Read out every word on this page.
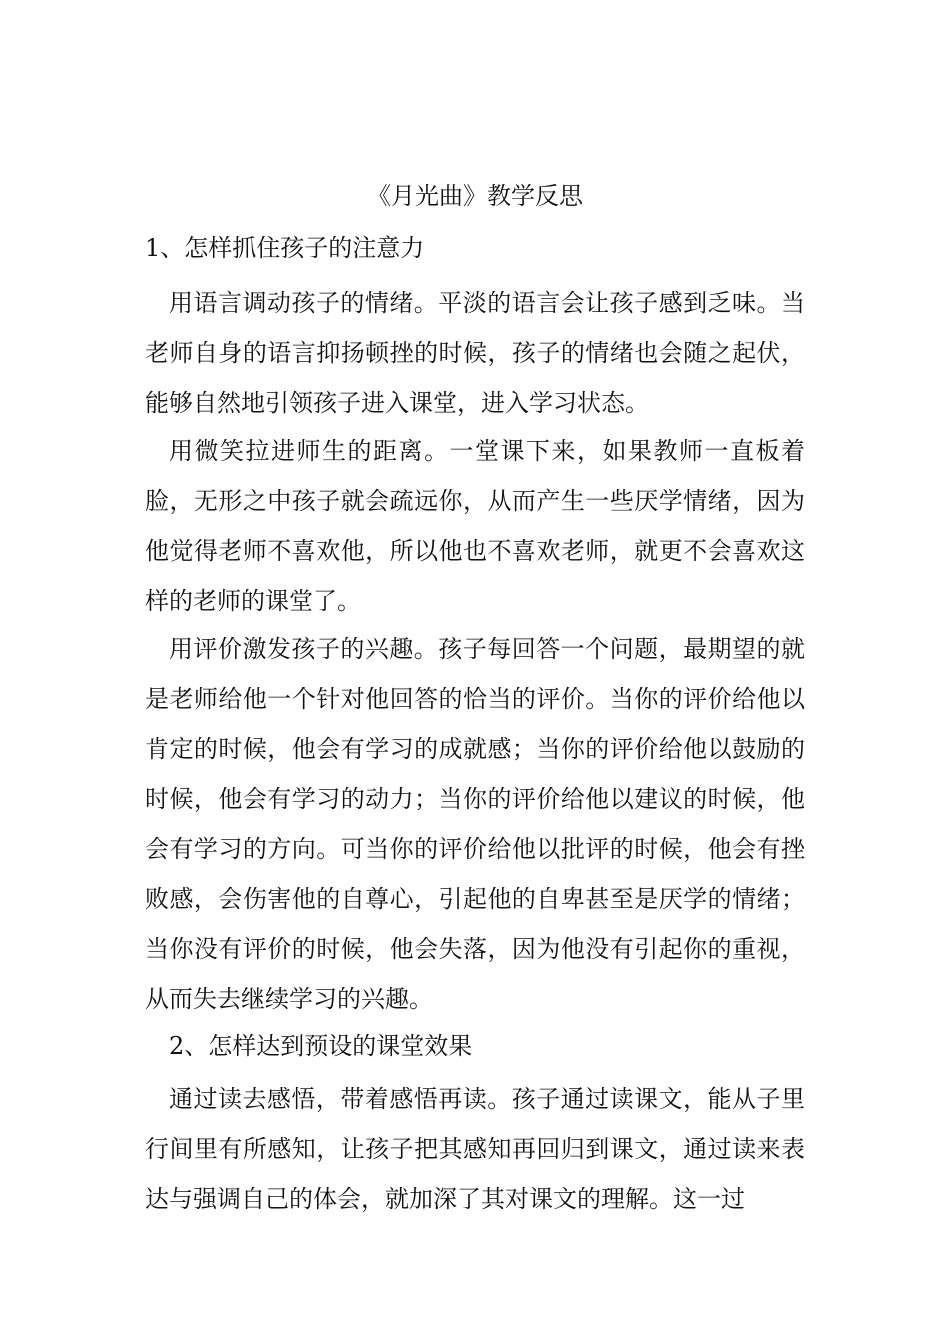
《月光曲》教学反思

1、怎样抓住孩子的注意力

用语言调动孩子的情绪。平淡的语言会让孩子感到乏味。当老师自身的语言抑扬顿挫的时候，孩子的情绪也会随之起伏，能够自然地引领孩子进入课堂，进入学习状态。

用微笑拉进师生的距离。一堂课下来，如果教师一直板着脸，无形之中孩子就会疏远你，从而产生一些厌学情绪，因为他觉得老师不喜欢他，所以他也不喜欢老师，就更不会喜欢这样的老师的课堂了。

用评价激发孩子的兴趣。孩子每回答一个问题，最期望的就是老师给他一个针对他回答的恰当的评价。当你的评价给他以肯定的时候，他会有学习的成就感；当你的评价给他以鼓励的时候，他会有学习的动力；当你的评价给他以建议的时候，他会有学习的方向。可当你的评价给他以批评的时候，他会有挫败感，会伤害他的自尊心，引起他的自卑甚至是厌学的情绪；当你没有评价的时候，他会失落，因为他没有引起你的重视，从而失去继续学习的兴趣。

2、怎样达到预设的课堂效果

通过读去感悟，带着感悟再读。孩子通过读课文，能从子里行间里有所感知，让孩子把其感知再回归到课文，通过读来表达与强调自己的体会，就加深了其对课文的理解。这一过
